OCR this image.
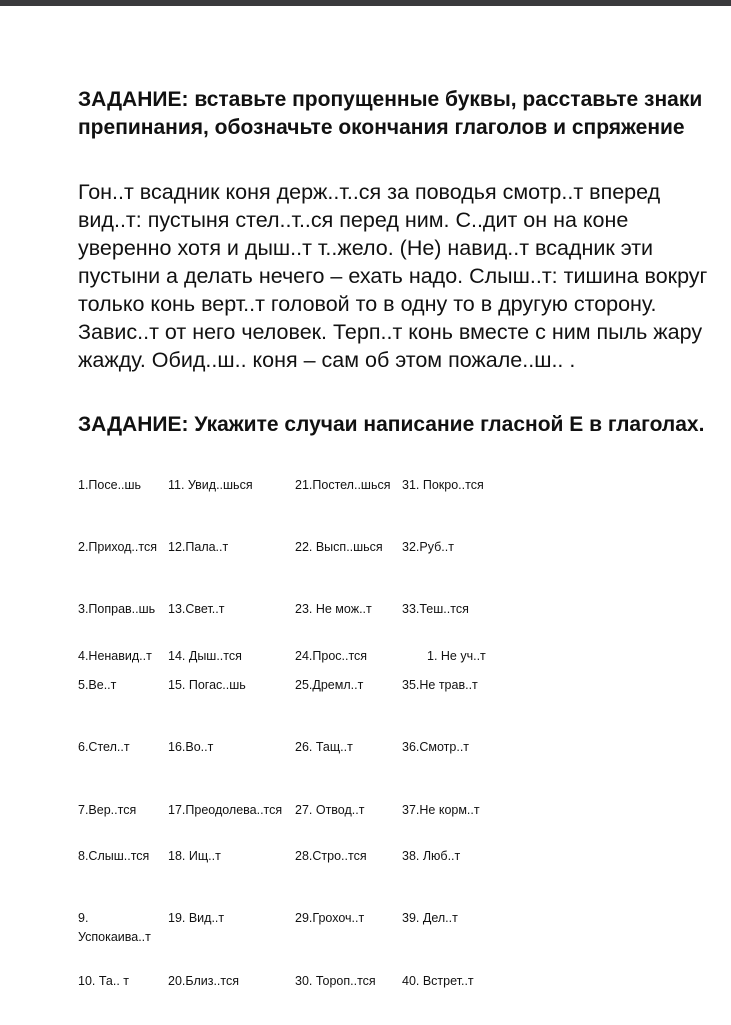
ЗАДАНИЕ: вставьте пропущенные буквы, расставьте знаки препинания, обозначьте окончания глаголов и спряжение

Гон..т всадник коня держ..т..ся за поводья смотр..т вперед вид..т: пустыня стел..т..ся перед ним. С..дит он на коне уверенно хотя и дыш..т т..жело. (Не) навид..т всадник эти пустыни а делать нечего – ехать надо. Слыш..т: тишина вокруг только конь верт..т головой то в одну то в другую сторону. Завис..т от него человек. Терп..т конь вместе с ним пыль жару жажду. Обид..ш.. коня – сам об этом пожале..ш.. .

ЗАДАНИЕ: Укажите случаи написание гласной Е в глаголах.

1.Посе..шь
2.Приход..тся
3.Поправ..шь
4.Ненавид..т
5.Ве..т
6.Стел..т
7.Вер..тся
8.Слыш..тся
9. Успокаива..т
10. Та.. т
11. Увид..шься
12.Пала..т
13.Свет..т
14. Дыш..тся
15. Погас..шь
16.Во..т
17.Преодолева..тся
18. Ищ..т
19. Вид..т
20.Близ..тся
21.Постел..шься
22. Высп..шься
23. Не мож..т
24.Прос..тся
25.Дремл..т
26. Тащ..т
27. Отвод..т
28.Стро..тся
29.Грохоч..т
30. Тороп..тся
31. Покро..тся
32.Руб..т
33.Теш..тся
1. Не уч..т
35.Не трав..т
36.Смотр..т
37.Не корм..т
38. Люб..т
39. Дел..т
40. Встрет..т
